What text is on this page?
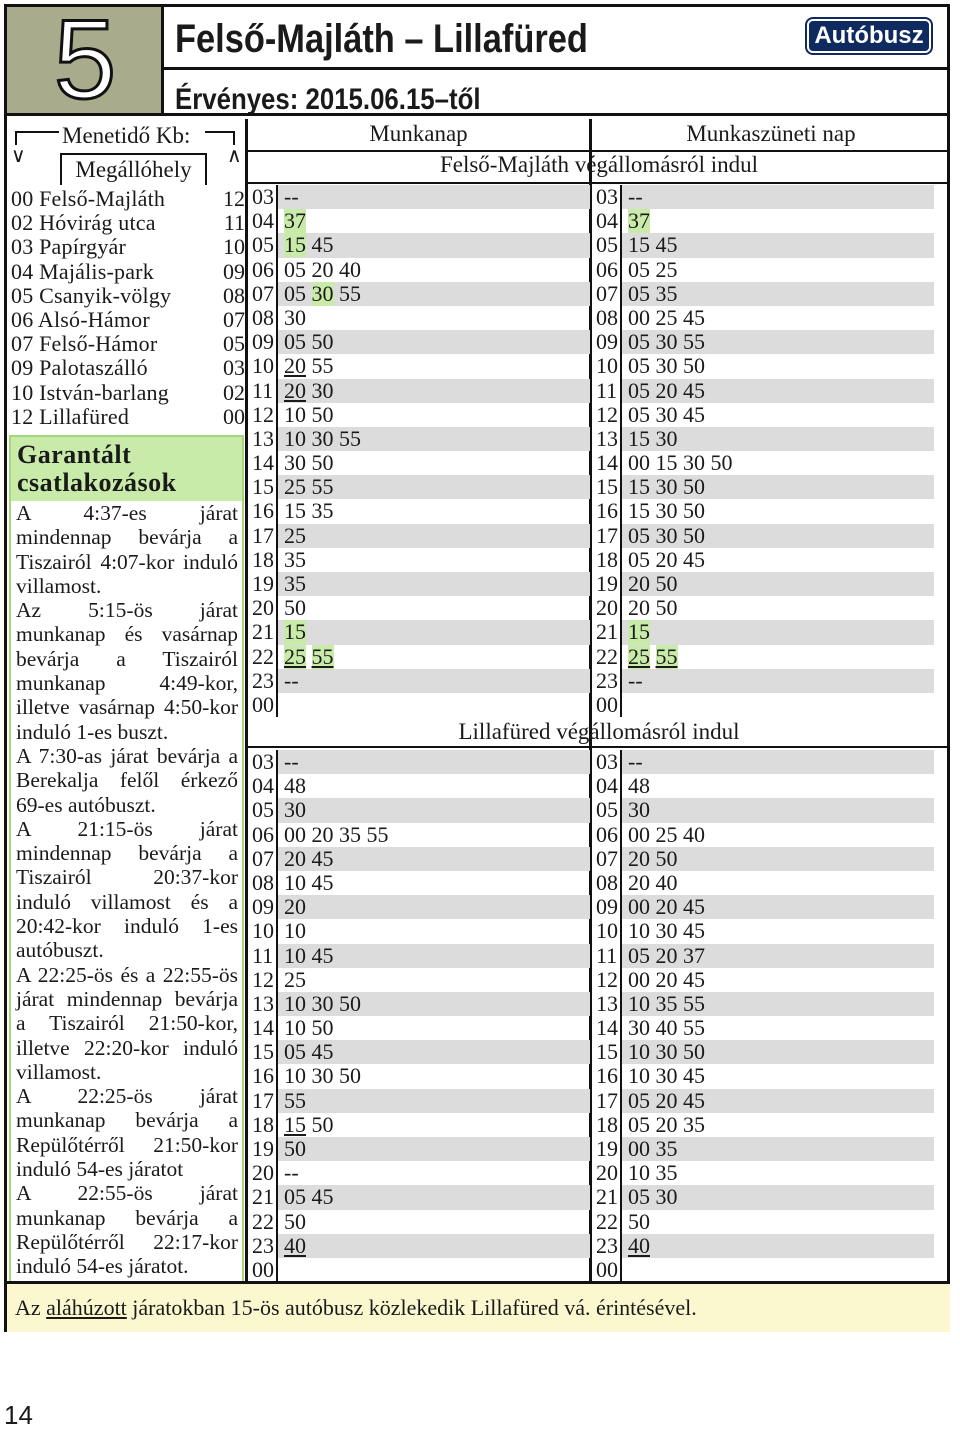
5 Felső-Majláth – Lillafüred
Érvényes: 2015.06.15–től
Autóbusz
∨
Menetidő Kb:
∧
Megállóhely
00 Felső-Majláth	12
02 Hóvirág utca	11
03 Papírgyár	10
04 Majális-park	09
05 Csanyik-völgy 08
06 Alsó-Hámor	07
07 Felső-Hámor	05
09 Palotaszálló	03
10 István-barlang 02
12 Lillafüred	00
Garantált csatlakozások

A 4:37-es járat mindennap bevárja a Tiszairól 4:07-kor induló villamost.

Az 5:15-ös járat munkanap és vasárnap bevárja a Tiszairól munkanap 4:49-kor, illetve vasárnap 4:50-kor induló 1-es buszt.

A 7:30-as járat bevárja a Berekalja felől érkező 69-es autóbuszt.

A 21:15-ös járat mindennap bevárja a Tiszairól 20:37-kor induló villamost és a 20:42-kor induló 1-es autóbuszt.

A 22:25-ös és a 22:55-ös járat mindennap bevárja a Tiszairól 21:50-kor, illetve 22:20-kor induló villamost.

A 22:25-ös járat munkanap bevárja a Repülőtérről 21:50-kor induló 54-es járatot

A 22:55-ös járat munkanap bevárja a Repülőtérről 22:17-kor induló 54-es járatot.

Munkanap	Munkaszüneti nap
Felső-Majláth végállomásról indul
03 --
04 37
05 15 45
06 05 20 40
07 05 30 55
08 30
09 05 50
10 20 55
11 20 30
12 10 50
13 10 30 55
14 30 50
15 25 55
16 15 35
17 25
18 35
19 35
20 50
21 15
22 25 55
23 --
00
03 --
04 37
05 15 45
06 05 25
07 05 35
08 00 25 45
09 05 30 55
10 05 30 50
11 05 20 45
12 05 30 45
13 15 30
14 00 15 30 50
15 15 30 50
16 15 30 50
17 05 30 50
18 05 20 45
19 20 50
20 20 50
21 15
22 25 55
23 --
00
Lillafüred végállomásról indul
03 --
04 48
05 30
06 00 20 35 55
07 20 45
08 10 45
09 20
10 10
11 10 45
12 25
13 10 30 50
14 10 50
15 05 45
16 10 30 50
17 55
18 15 50
19 50
20 --
21 05 45
22 50
23 40
00
03 --
04 48
05 30
06 00 25 40
07 20 50
08 20 40
09 00 20 45
10 10 30 45
11 05 20 37
12 00 20 45
13 10 35 55
14 30 40 55
15 10 30 50
16 10 30 45
17 05 20 45
18 05 20 35
19 00 35
20 10 35
21 05 30
22 50
23 40
00
Az aláhúzott járatokban 15-ös autóbusz közlekedik Lillafüred vá. érintésével.
14
